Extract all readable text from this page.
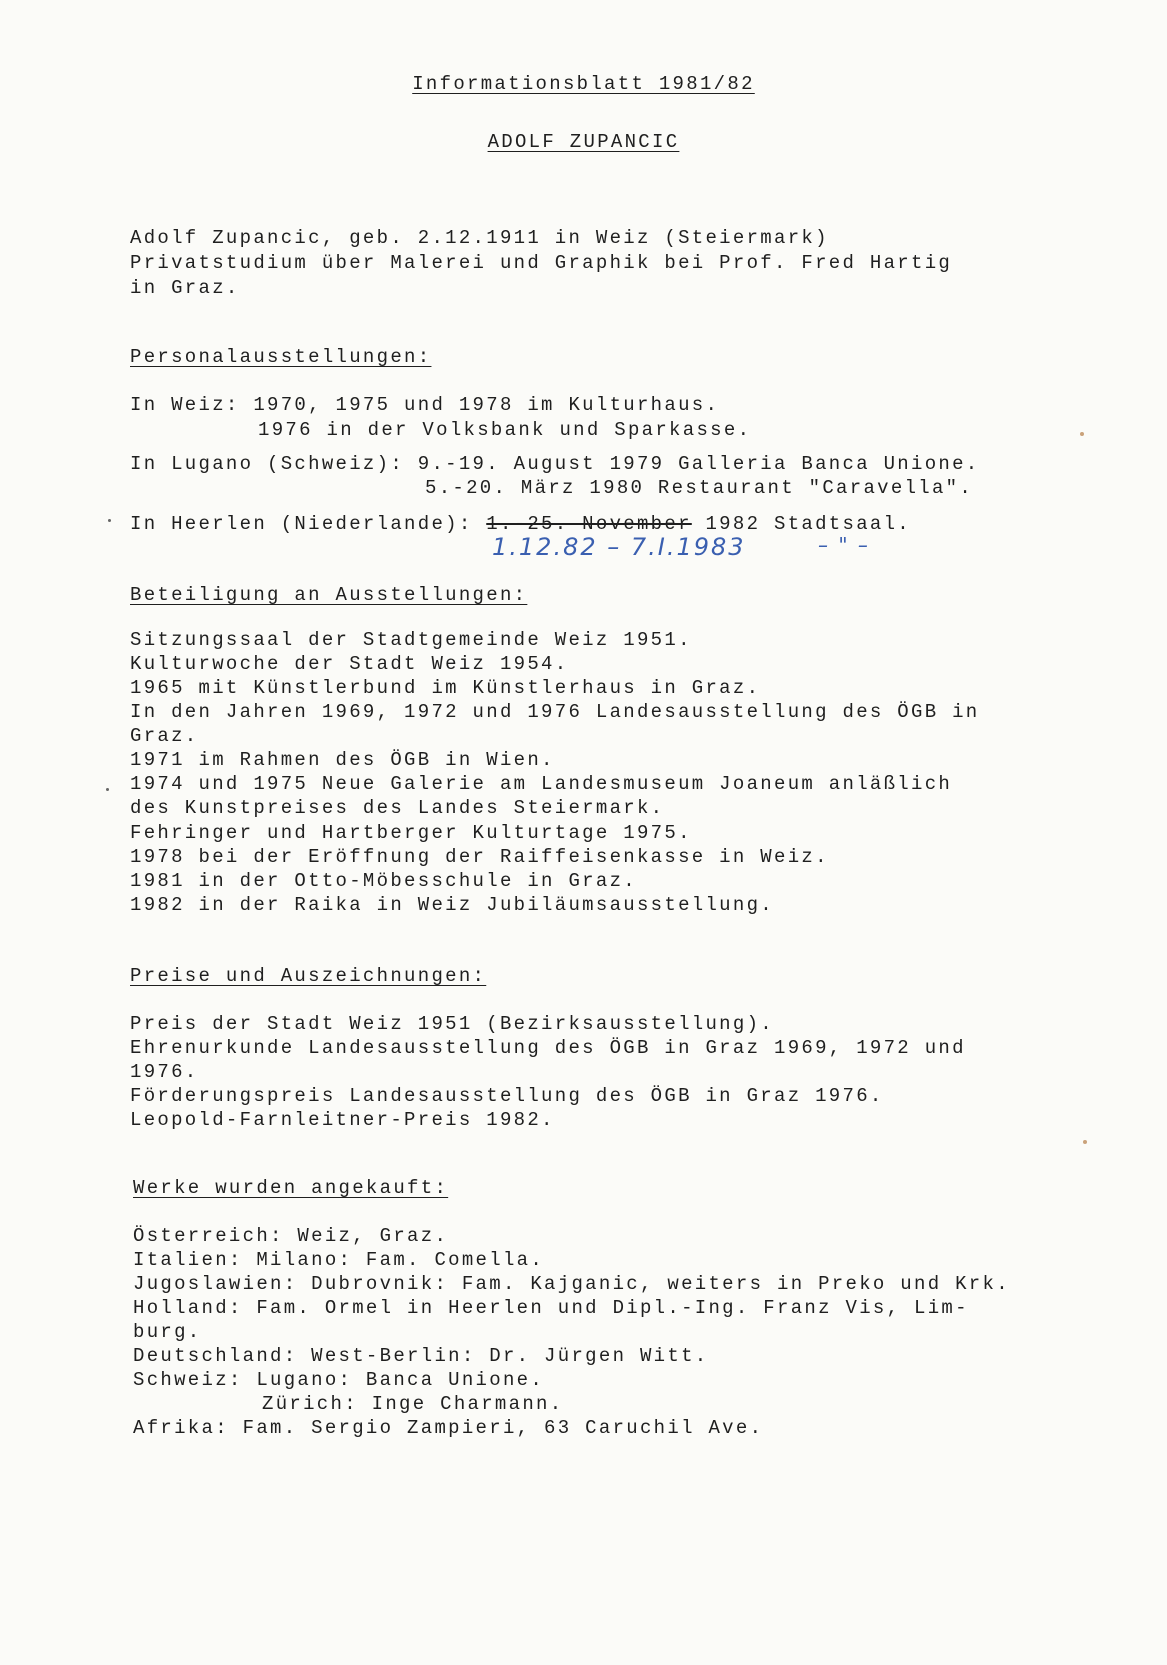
Informationsblatt 1981/82
ADOLF ZUPANCIC
Adolf Zupancic, geb. 2.12.1911 in Weiz (Steiermark)
Privatstudium über Malerei und Graphik bei Prof. Fred Hartig
in Graz.
Personalausstellungen:
In Weiz: 1970, 1975 und 1978 im Kulturhaus.
1976 in der Volksbank und Sparkasse.
In Lugano (Schweiz): 9.-19. August 1979 Galleria Banca Unione.
5.-20. März 1980 Restaurant "Caravella".
In Heerlen (Niederlande): 1.-25. November 1982 Stadtsaal.
1.12.82 – 7.I.1983	– " –
Beteiligung an Ausstellungen:
Sitzungssaal der Stadtgemeinde Weiz 1951.
Kulturwoche der Stadt Weiz 1954.
1965 mit Künstlerbund im Künstlerhaus in Graz.
In den Jahren 1969, 1972 und 1976 Landesausstellung des ÖGB in
Graz.
1971 im Rahmen des ÖGB in Wien.
1974 und 1975 Neue Galerie am Landesmuseum Joaneum anläßlich
des Kunstpreises des Landes Steiermark.
Fehringer und Hartberger Kulturtage 1975.
1978 bei der Eröffnung der Raiffeisenkasse in Weiz.
1981 in der Otto-Möbesschule in Graz.
1982 in der Raika in Weiz Jubiläumsausstellung.
Preise und Auszeichnungen:
Preis der Stadt Weiz 1951 (Bezirksausstellung).
Ehrenurkunde Landesausstellung des ÖGB in Graz 1969, 1972 und
1976.
Förderungspreis Landesausstellung des ÖGB in Graz 1976.
Leopold-Farnleitner-Preis 1982.
Werke wurden angekauft:
Österreich: Weiz, Graz.
Italien: Milano: Fam. Comella.
Jugoslawien: Dubrovnik: Fam. Kajganic, weiters in Preko und Krk.
Holland: Fam. Ormel in Heerlen und Dipl.-Ing. Franz Vis, Lim-
burg.
Deutschland: West-Berlin: Dr. Jürgen Witt.
Schweiz: Lugano: Banca Unione.
Zürich: Inge Charmann.
Afrika: Fam. Sergio Zampieri, 63 Caruchil Ave.
